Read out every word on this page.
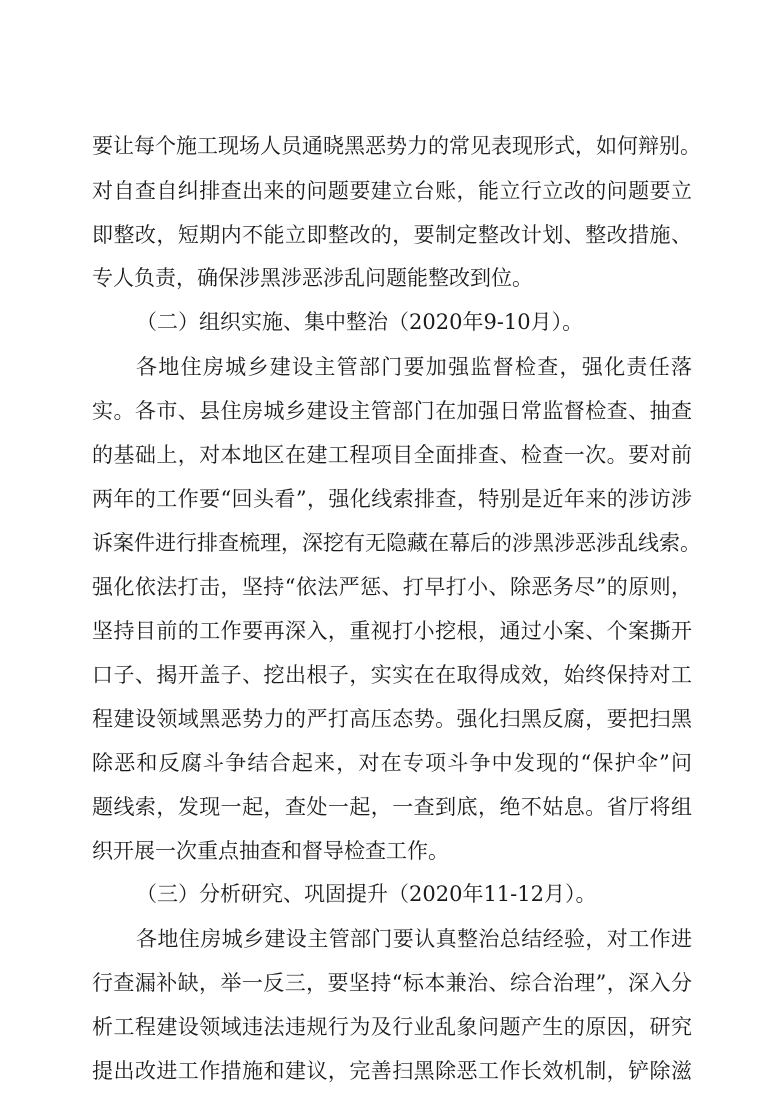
要让每个施工现场人员通晓黑恶势力的常见表现形式，如何辩别。
对自查自纠排查出来的问题要建立台账，能立行立改的问题要立
即整改，短期内不能立即整改的，要制定整改计划、整改措施、
专人负责，确保涉黑涉恶涉乱问题能整改到位。
（二）组织实施、集中整治（2020年9-10月）。
各地住房城乡建设主管部门要加强监督检查，强化责任落
实。各市、县住房城乡建设主管部门在加强日常监督检查、抽查
的基础上，对本地区在建工程项目全面排查、检查一次。要对前
两年的工作要“回头看”，强化线索排查，特别是近年来的涉访涉
诉案件进行排查梳理，深挖有无隐藏在幕后的涉黑涉恶涉乱线索。
强化依法打击，坚持“依法严惩、打早打小、除恶务尽”的原则，
坚持目前的工作要再深入，重视打小挖根，通过小案、个案撕开
口子、揭开盖子、挖出根子，实实在在取得成效，始终保持对工
程建设领域黑恶势力的严打高压态势。强化扫黑反腐，要把扫黑
除恶和反腐斗争结合起来，对在专项斗争中发现的“保护伞”问
题线索，发现一起，查处一起，一查到底，绝不姑息。省厅将组
织开展一次重点抽查和督导检查工作。
（三）分析研究、巩固提升（2020年11-12月）。
各地住房城乡建设主管部门要认真整治总结经验，对工作进
行查漏补缺，举一反三，要坚持“标本兼治、综合治理”，深入分
析工程建设领域违法违规行为及行业乱象问题产生的原因，研究
提出改进工作措施和建议，完善扫黑除恶工作长效机制，铲除滋
